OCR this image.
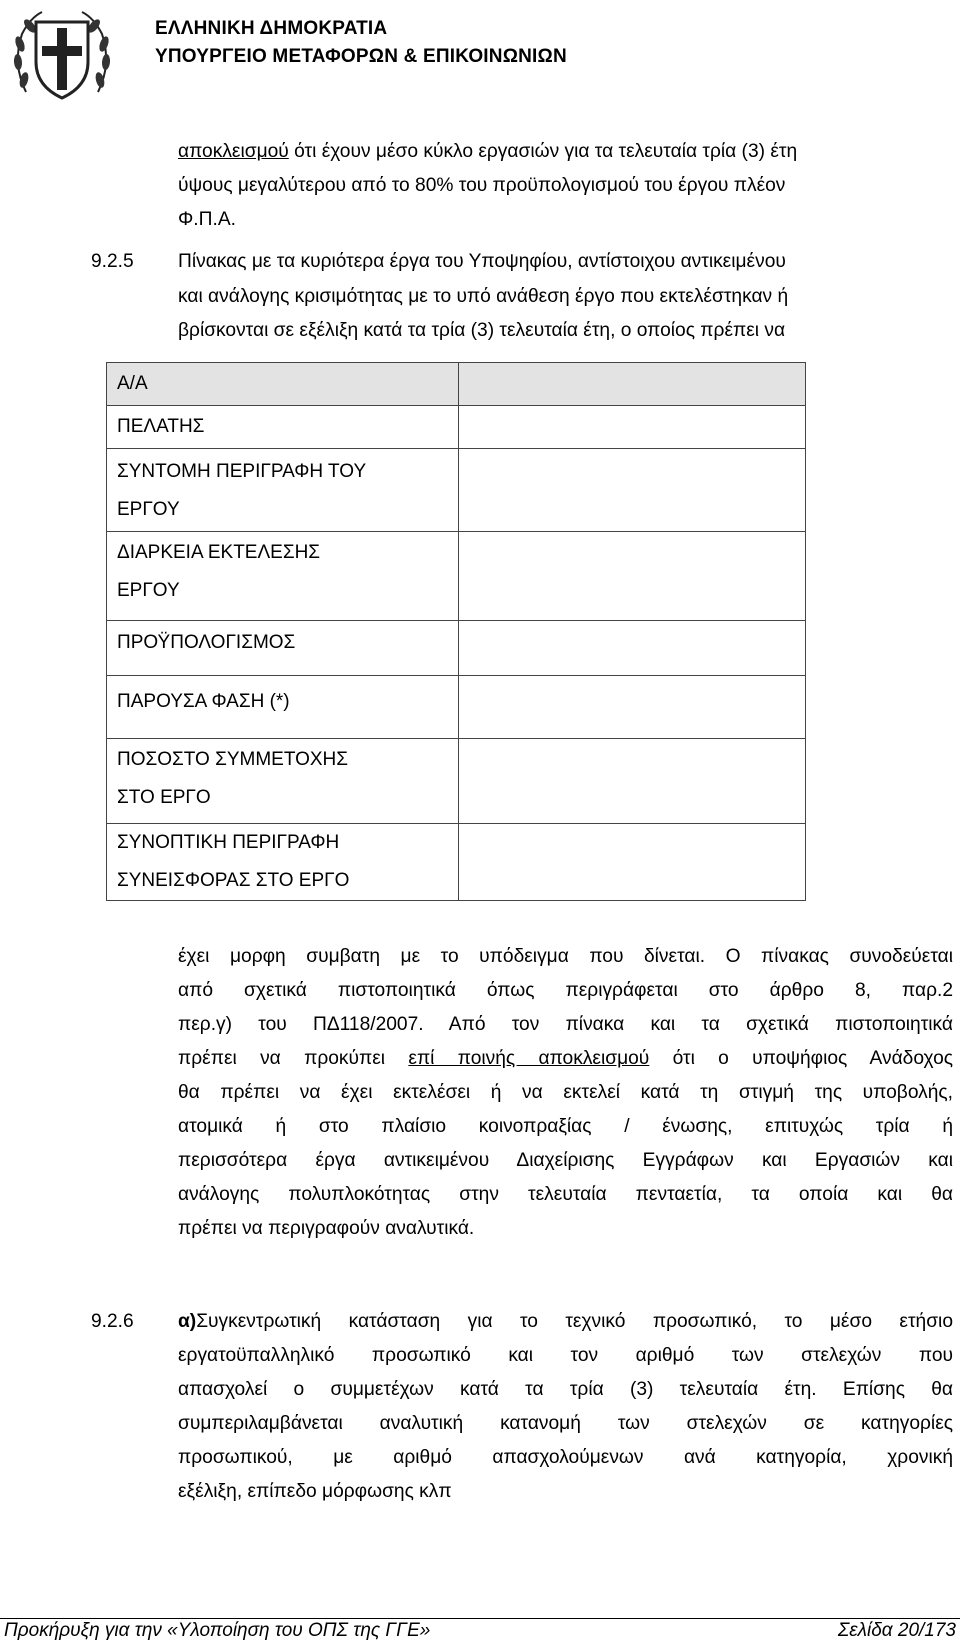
ΕΛΛΗΝΙΚΗ ΔΗΜΟΚΡΑΤΙΑ
ΥΠΟΥΡΓΕΙΟ ΜΕΤΑΦΟΡΩΝ & ΕΠΙΚΟΙΝΩΝΙΩΝ
αποκλεισμού ότι έχουν μέσο κύκλο εργασιών για τα τελευταία τρία (3) έτη
ύψους μεγαλύτερου από το 80% του προϋπολογισμού του έργου πλέον
Φ.Π.Α.
9.2.5 Πίνακας με τα κυριότερα έργα του Υποψηφίου, αντίστοιχου αντικειμένου
και ανάλογης κρισιμότητας με το υπό ανάθεση έργο που εκτελέστηκαν ή
βρίσκονται σε εξέλιξη κατά τα τρία (3) τελευταία έτη, ο οποίος πρέπει να
Α/Α	

ΠΕΛΑΤΗΣ	

ΣΥΝΤΟΜΗ ΠΕΡΙΓΡΑΦΗ ΤΟΥ
ΕΡΓΟΥ	

ΔΙΑΡΚΕΙΑ ΕΚΤΕΛΕΣΗΣ
ΕΡΓΟΥ	

ΠΡΟΫΠΟΛΟΓΙΣΜΟΣ	

ΠΑΡΟΥΣΑ ΦΑΣΗ (*)	

ΠΟΣΟΣΤΟ ΣΥΜΜΕΤΟΧΗΣ
ΣΤΟ ΕΡΓΟ	

ΣΥΝΟΠΤΙΚΗ ΠΕΡΙΓΡΑΦΗ
ΣΥΝΕΙΣΦΟΡΑΣ ΣΤΟ ΕΡΓΟ	

έχει μορφη συμβατη με το υπόδειγμα που δίνεται. Ο πίνακας συνοδεύεται
από σχετικά πιστοποιητικά όπως περιγράφεται στο άρθρο 8, παρ.2
περ.γ) του ΠΔ118/2007. Από τον πίνακα και τα σχετικά πιστοποιητικά
πρέπει να προκύπει επί ποινής αποκλεισμού ότι ο υποψήφιος Ανάδοχος
θα πρέπει να έχει εκτελέσει ή να εκτελεί κατά τη στιγμή της υποβολής,
ατομικά ή στο πλαίσιο κοινοπραξίας / ένωσης, επιτυχώς τρία ή
περισσότερα έργα αντικειμένου Διαχείρισης Εγγράφων και Εργασιών και
ανάλογης πολυπλοκότητας στην τελευταία πενταετία, τα οποία και θα
πρέπει να περιγραφούν αναλυτικά.
9.2.6 α)Συγκεντρωτική κατάσταση για το τεχνικό προσωπικό, το μέσο ετήσιο
εργατοϋπαλληλικό προσωπικό και τον αριθμό των στελεχών που
απασχολεί ο συμμετέχων κατά τα τρία (3) τελευταία έτη. Επίσης θα
συμπεριλαμβάνεται αναλυτική κατανομή των στελεχών σε κατηγορίες
προσωπικού, με αριθμό απασχολούμενων ανά κατηγορία, χρονική
εξέλιξη, επίπεδο μόρφωσης κλπ
Προκήρυξη για την «Υλοποίηση του ΟΠΣ της ΓΓΕ»	Σελίδα 20/173
